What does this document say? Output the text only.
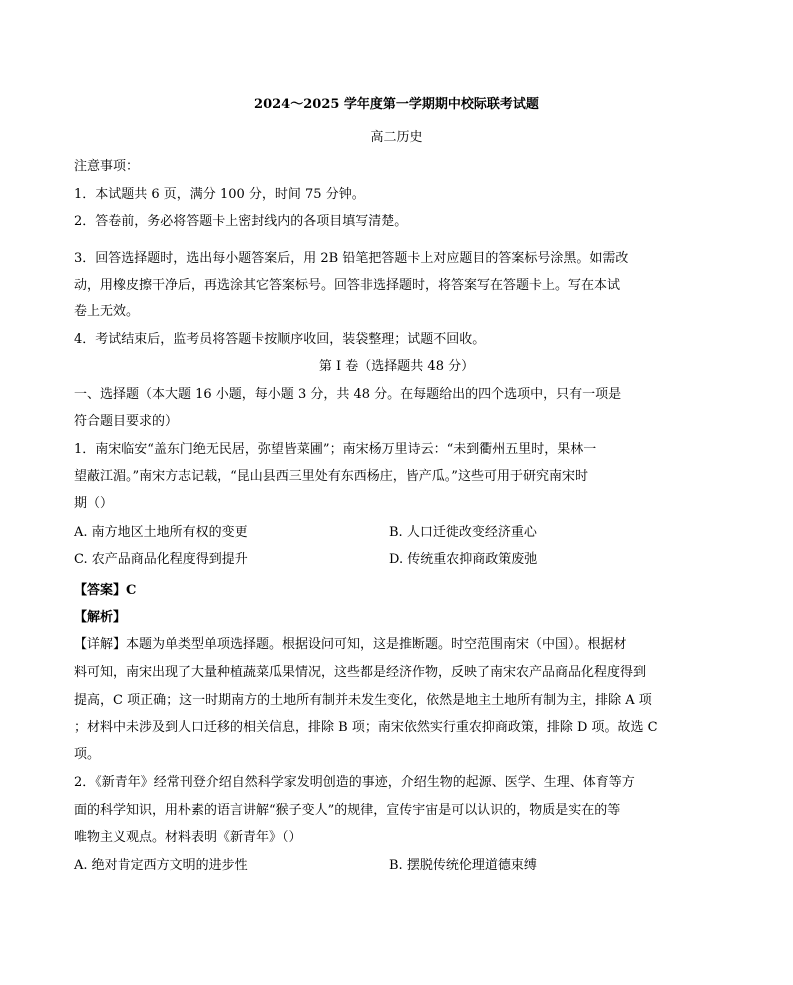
2024～2025 学年度第一学期期中校际联考试题
高二历史
注意事项：
1．本试题共 6 页，满分 100 分，时间 75 分钟。
2．答卷前，务必将答题卡上密封线内的各项目填写清楚。
3．回答选择题时，选出每小题答案后，用 2B 铅笔把答题卡上对应题目的答案标号涂黑。如需改
动，用橡皮擦干净后，再选涂其它答案标号。回答非选择题时，将答案写在答题卡上。写在本试
卷上无效。
4．考试结束后，监考员将答题卡按顺序收回，装袋整理；试题不回收。
第 I 卷（选择题共 48 分）
一、选择题（本大题 16 小题，每小题 3 分，共 48 分。在每题给出的四个选项中，只有一项是
符合题目要求的）
1．南宋临安“盖东门绝无民居，弥望皆菜圃”；南宋杨万里诗云：“未到衢州五里时，果林一
望蔽江湄。”南宋方志记载，“昆山县西三里处有东西杨庄，皆产瓜。”这些可用于研究南宋时
期（）
A. 南方地区土地所有权的变更	B. 人口迁徙改变经济重心
C. 农产品商品化程度得到提升	D. 传统重农抑商政策废弛
【答案】C
【解析】
【详解】本题为单类型单项选择题。根据设问可知，这是推断题。时空范围南宋（中国）。根据材
料可知，南宋出现了大量种植蔬菜瓜果情况，这些都是经济作物，反映了南宋农产品商品化程度得到
提高，C 项正确；这一时期南方的土地所有制并未发生变化，依然是地主土地所有制为主，排除 A 项
；材料中未涉及到人口迁移的相关信息，排除 B 项；南宋依然实行重农抑商政策，排除 D 项。故选 C
项。
2．《新青年》经常刊登介绍自然科学家发明创造的事迹，介绍生物的起源、医学、生理、体育等方
面的科学知识，用朴素的语言讲解“猴子变人”的规律，宣传宇宙是可以认识的，物质是实在的等
唯物主义观点。材料表明《新青年》（）
A. 绝对肯定西方文明的进步性	B. 摆脱传统伦理道德束缚
